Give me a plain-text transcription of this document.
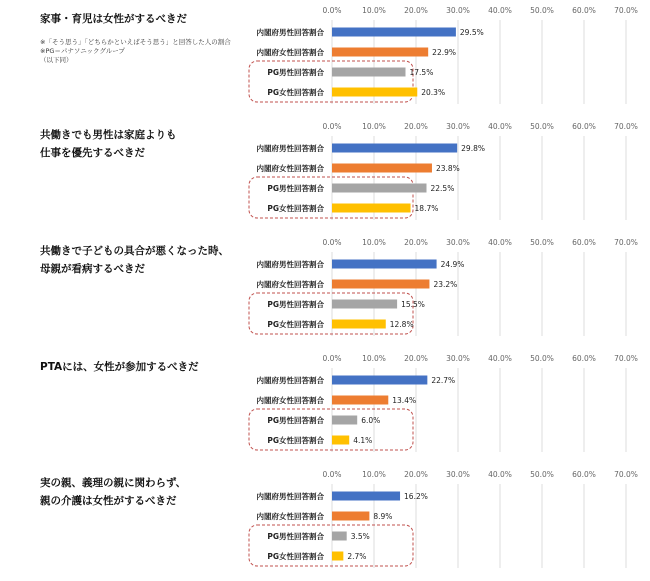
家事・育児は女性がするべきだ
※「そう思う」「どちらかといえばそう思う」と回答した人の割合
※PG＝パナソニックグループ
（以下同）
0.0%	10.0% 20.0% 30.0% 40.0% 50.0% 60.0% 70.0%
内閣府男性回答割合	29.5%
内閣府女性回答割合	22.9%
PG男性回答割合	17.5%
PG女性回答割合	20.3%
共働きでも男性は家庭よりも
仕事を優先するべきだ
0.0%	10.0% 20.0% 30.0% 40.0% 50.0% 60.0% 70.0%
内閣府男性回答割合	29.8%
内閣府女性回答割合	23.8%
PG男性回答割合	22.5%
PG女性回答割合	18.7%
共働きで子どもの具合が悪くなった時、
母親が看病するべきだ
0.0%	10.0% 20.0% 30.0% 40.0% 50.0% 60.0% 70.0%
内閣府男性回答割合	24.9%
内閣府女性回答割合	23.2%
PG男性回答割合	15.5%
PG女性回答割合	12.8%
PTAには、女性が参加するべきだ
0.0%	10.0% 20.0% 30.0% 40.0% 50.0% 60.0% 70.0%
内閣府男性回答割合	22.7%
内閣府女性回答割合	13.4%
PG男性回答割合	6.0%
PG女性回答割合	4.1%
実の親、義理の親に関わらず、
親の介護は女性がするべきだ
0.0%	10.0% 20.0% 30.0% 40.0% 50.0% 60.0% 70.0%
内閣府男性回答割合	16.2%
内閣府女性回答割合	8.9%
PG男性回答割合	3.5%
PG女性回答割合	2.7%
